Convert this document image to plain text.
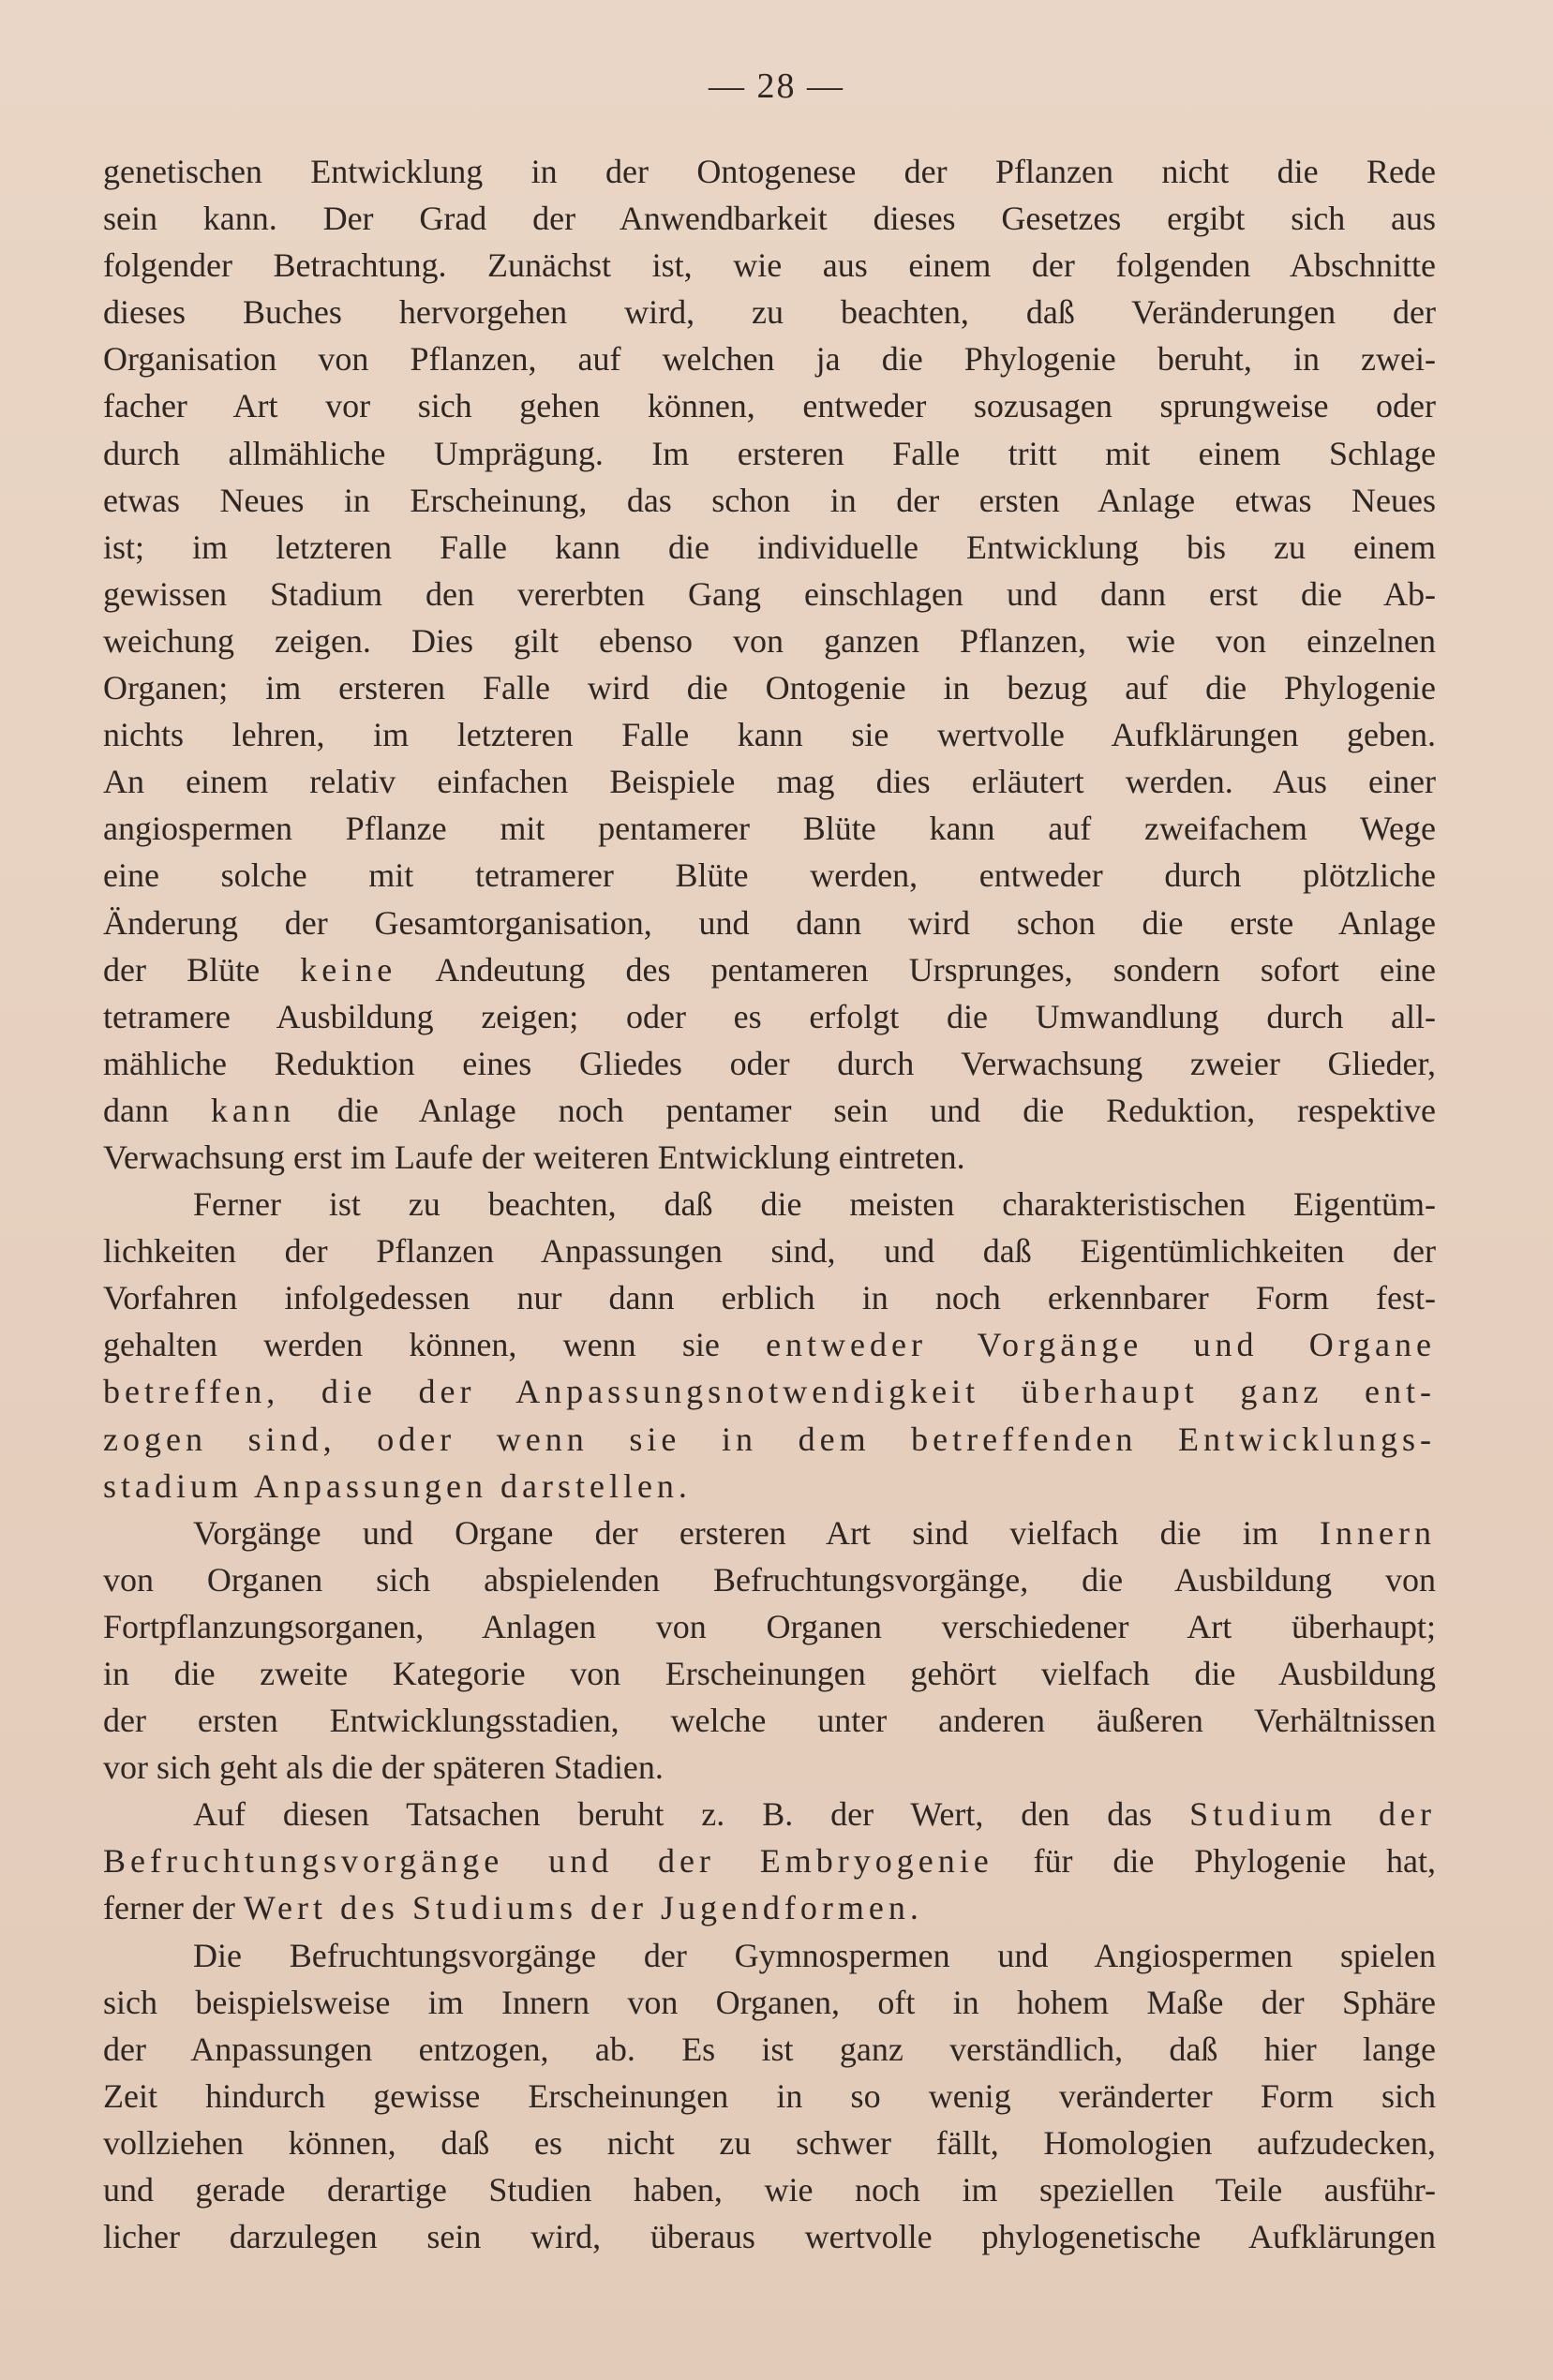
— 28 —
genetischen Entwicklung in der Ontogenese der Pflanzen nicht die Rede
sein kann. Der Grad der Anwendbarkeit dieses Gesetzes ergibt sich aus
folgender Betrachtung. Zunächst ist, wie aus einem der folgenden Abschnitte
dieses Buches hervorgehen wird, zu beachten, daß Veränderungen der
Organisation von Pflanzen, auf welchen ja die Phylogenie beruht, in zwei-
facher Art vor sich gehen können, entweder sozusagen sprungweise oder
durch allmähliche Umprägung. Im ersteren Falle tritt mit einem Schlage
etwas Neues in Erscheinung, das schon in der ersten Anlage etwas Neues
ist; im letzteren Falle kann die individuelle Entwicklung bis zu einem
gewissen Stadium den vererbten Gang einschlagen und dann erst die Ab-
weichung zeigen. Dies gilt ebenso von ganzen Pflanzen, wie von einzelnen
Organen; im ersteren Falle wird die Ontogenie in bezug auf die Phylogenie
nichts lehren, im letzteren Falle kann sie wertvolle Aufklärungen geben.
An einem relativ einfachen Beispiele mag dies erläutert werden. Aus einer
angiospermen Pflanze mit pentamerer Blüte kann auf zweifachem Wege
eine solche mit tetramerer Blüte werden, entweder durch plötzliche
Änderung der Gesamtorganisation, und dann wird schon die erste Anlage
der Blüte keine Andeutung des pentameren Ursprunges, sondern sofort eine
tetramere Ausbildung zeigen; oder es erfolgt die Umwandlung durch all-
mähliche Reduktion eines Gliedes oder durch Verwachsung zweier Glieder,
dann kann die Anlage noch pentamer sein und die Reduktion, respektive
Verwachsung erst im Laufe der weiteren Entwicklung eintreten.
Ferner ist zu beachten, daß die meisten charakteristischen Eigentüm-
lichkeiten der Pflanzen Anpassungen sind, und daß Eigentümlichkeiten der
Vorfahren infolgedessen nur dann erblich in noch erkennbarer Form fest-
gehalten werden können, wenn sie entweder Vorgänge und Organe
betreffen, die der Anpassungsnotwendigkeit überhaupt ganz ent-
zogen sind, oder wenn sie in dem betreffenden Entwicklungs-
stadium Anpassungen darstellen.
Vorgänge und Organe der ersteren Art sind vielfach die im Innern
von Organen sich abspielenden Befruchtungsvorgänge, die Ausbildung von
Fortpflanzungsorganen, Anlagen von Organen verschiedener Art überhaupt;
in die zweite Kategorie von Erscheinungen gehört vielfach die Ausbildung
der ersten Entwicklungsstadien, welche unter anderen äußeren Verhältnissen
vor sich geht als die der späteren Stadien.
Auf diesen Tatsachen beruht z. B. der Wert, den das Studium der
Befruchtungsvorgänge und der Embryogenie für die Phylogenie hat,
ferner der Wert des Studiums der Jugendformen.
Die Befruchtungsvorgänge der Gymnospermen und Angiospermen spielen
sich beispielsweise im Innern von Organen, oft in hohem Maße der Sphäre
der Anpassungen entzogen, ab. Es ist ganz verständlich, daß hier lange
Zeit hindurch gewisse Erscheinungen in so wenig veränderter Form sich
vollziehen können, daß es nicht zu schwer fällt, Homologien aufzudecken,
und gerade derartige Studien haben, wie noch im speziellen Teile ausführ-
licher darzulegen sein wird, überaus wertvolle phylogenetische Aufklärungen
